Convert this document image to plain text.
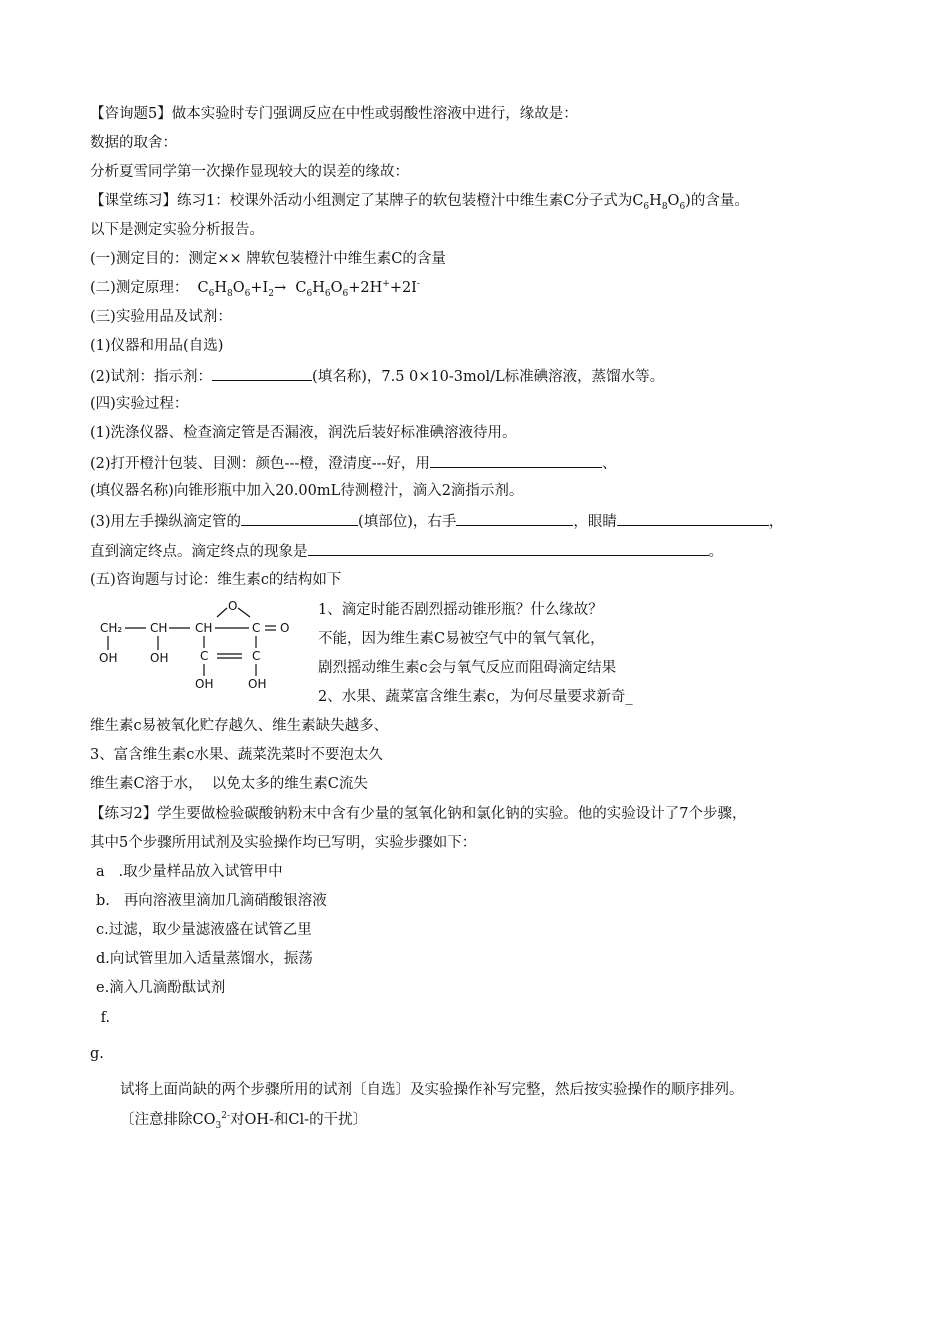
【咨询题5】做本实验时专门强调反应在中性或弱酸性溶液中进行，缘故是：
数据的取舍：
分析夏雪同学第一次操作显现较大的误差的缘故：
【课堂练习】练习1：校课外活动小组测定了某牌子的软包装橙汁中维生素C分子式为$C_6H_8O_6$)的含量。
以下是测定实验分析报告。
(一)测定目的：测定×× 牌软包装橙汁中维生素C的含量
(二)测定原理：  $C_6H_8O_6+I_2\to C_6H_6O_6+2H^++2I^-$
(三)实验用品及试剂：
(1)仪器和用品(自选)
(2)试剂：指示剂：	(填名称)，7.5 0×10-3mol/L标准碘溶液，蒸馏水等。
(四)实验过程：
(1)洗涤仪器、检查滴定管是否漏液，润洗后装好标准碘溶液待用。
(2)打开橙汁包装、目测：颜色---橙，澄清度---好，用	、
(填仪器名称)向锥形瓶中加入20.00mL待测橙汁，滴入2滴指示剂。
(3)用左手操纵滴定管的	(填部位)，右手	，眼睛	，
直到滴定终点。滴定终点的现象是	。
(五)咨询题与讨论：维生素c的结构如下
O
CH₂ CH CH	C O
OH	OH	C	C
OH	OH
1、滴定时能否剧烈摇动锥形瓶？什么缘故？
不能，因为维生素C易被空气中的氧气氧化，
剧烈摇动维生素c会与氧气反应而阻碍滴定结果
2、水果、蔬菜富含维生素c，为何尽量要求新奇_
维生素c易被氧化贮存越久、维生素缺失越多、
3、富含维生素c水果、蔬菜洗菜时不要泡太久
维生素C溶于水，  以免太多的维生素C流失
【练习2】学生要做检验碳酸钠粉末中含有少量的氢氧化钠和氯化钠的实验。他的实验设计了7个步骤，
其中5个步骤所用试剂及实验操作均已写明，实验步骤如下：
a   .取少量样品放入试管甲中
b.   再向溶液里滴加几滴硝酸银溶液
c.过滤，取少量滤液盛在试管乙里
d.向试管里加入适量蒸馏水，振荡
e.滴入几滴酚酞试剂
f.
g.
试将上面尚缺的两个步骤所用的试剂〔自选〕及实验操作补写完整，然后按实验操作的顺序排列。
〔注意排除$CO_3^{2-}$对OH-和Cl-的干扰〕
